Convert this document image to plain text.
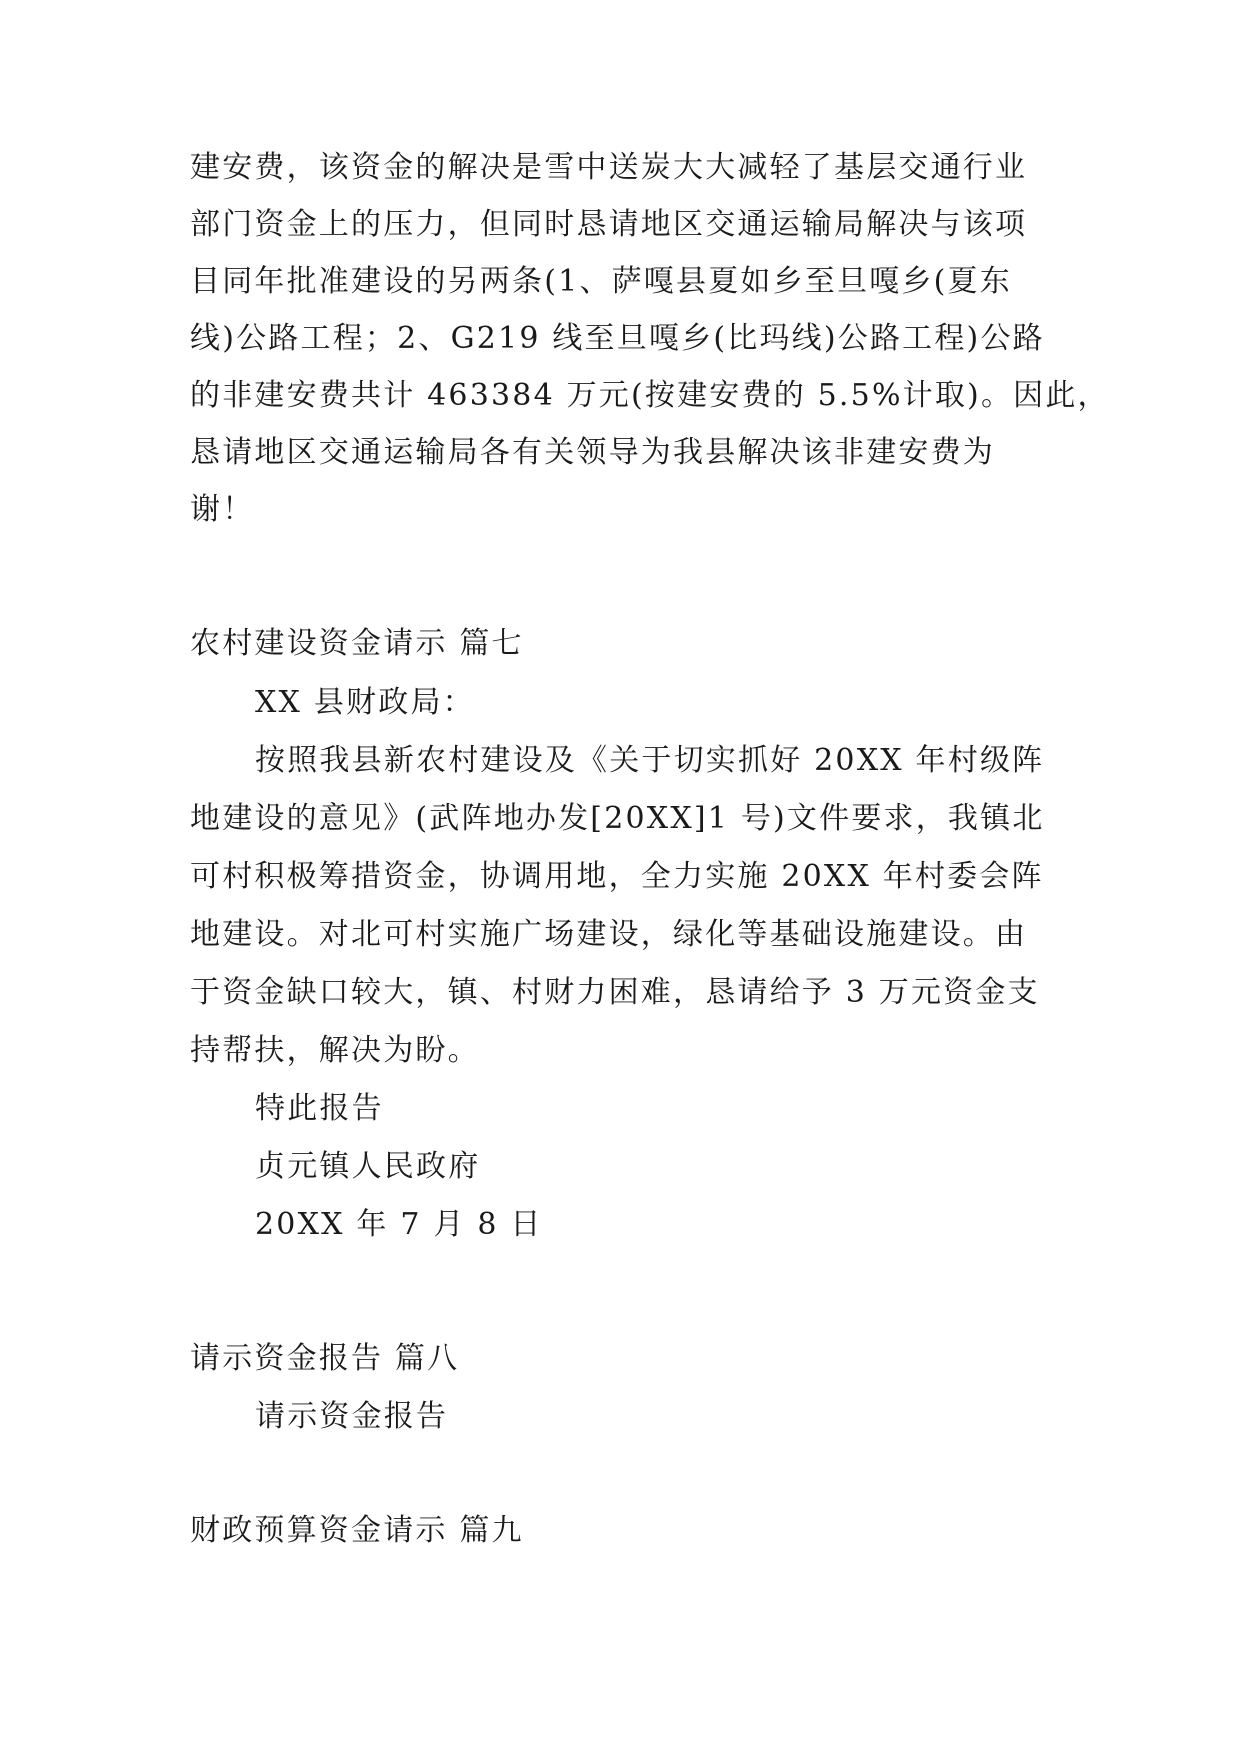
建安费，该资金的解决是雪中送炭大大减轻了基层交通行业
部门资金上的压力，但同时恳请地区交通运输局解决与该项
目同年批准建设的另两条(1、萨嘎县夏如乡至旦嘎乡(夏东
线)公路工程；2、G219 线至旦嘎乡(比玛线)公路工程)公路
的非建安费共计 463384 万元(按建安费的 5.5%计取)。因此，
恳请地区交通运输局各有关领导为我县解决该非建安费为
谢！
农村建设资金请示 篇七
XX 县财政局：
按照我县新农村建设及《关于切实抓好 20XX 年村级阵
地建设的意见》(武阵地办发[20XX]1 号)文件要求，我镇北
可村积极筹措资金，协调用地，全力实施 20XX 年村委会阵
地建设。对北可村实施广场建设，绿化等基础设施建设。由
于资金缺口较大，镇、村财力困难，恳请给予 3 万元资金支
持帮扶，解决为盼。
特此报告
贞元镇人民政府
20XX 年 7 月 8 日
请示资金报告 篇八
请示资金报告
财政预算资金请示 篇九
